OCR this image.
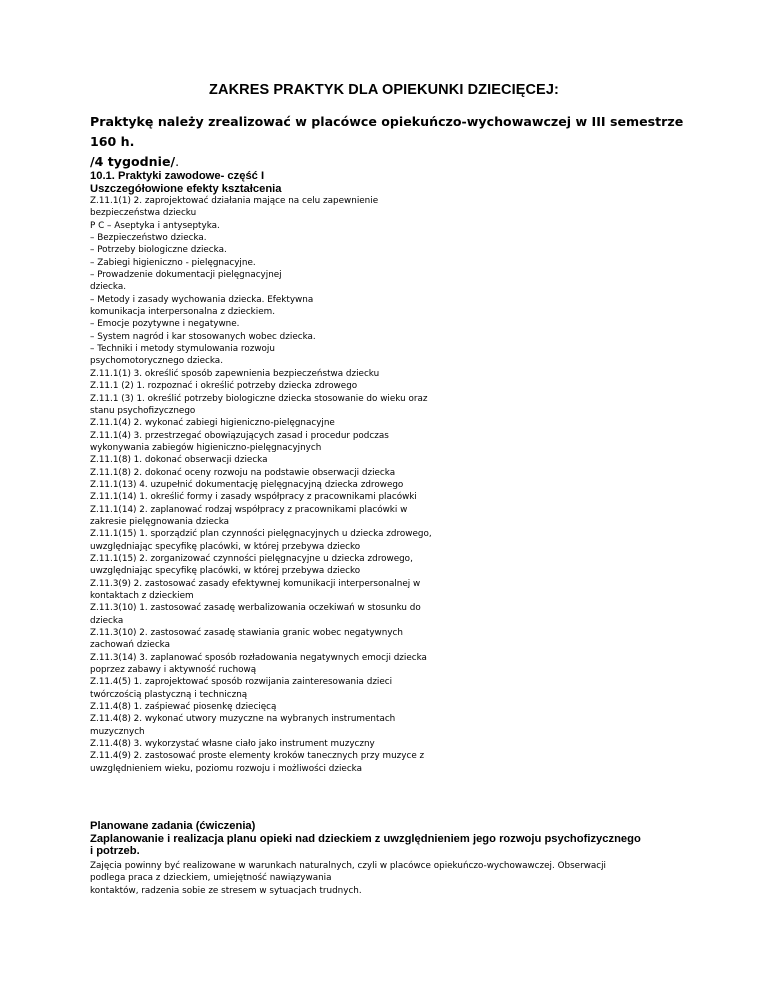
ZAKRES PRAKTYK DLA OPIEKUNKI DZIECIĘCEJ:
Praktykę należy zrealizować w placówce opiekuńczo-wychowawczej w III semestrze 160 h.
/4 tygodnie/.
10.1. Praktyki zawodowe- część I
Uszczegółowione efekty kształcenia
Z.11.1(1) 2. zaprojektować działania mające na celu zapewnienie
bezpieczeństwa dziecku
P C – Aseptyka i antyseptyka.
– Bezpieczeństwo dziecka.
– Potrzeby biologiczne dziecka.
– Zabiegi higieniczno - pielęgnacyjne.
– Prowadzenie dokumentacji pielęgnacyjnej
dziecka.
– Metody i zasady wychowania dziecka. Efektywna
komunikacja interpersonalna z dzieckiem.
– Emocje pozytywne i negatywne.
– System nagród i kar stosowanych wobec dziecka.
– Techniki i metody stymulowania rozwoju
psychomotorycznego dziecka.
Z.11.1(1) 3. określić sposób zapewnienia bezpieczeństwa dziecku
Z.11.1 (2) 1. rozpoznać i określić potrzeby dziecka zdrowego
Z.11.1 (3) 1. określić potrzeby biologiczne dziecka stosowanie do wieku oraz
stanu psychofizycznego
Z.11.1(4) 2. wykonać zabiegi higieniczno-pielęgnacyjne
Z.11.1(4) 3. przestrzegać obowiązujących zasad i procedur podczas
wykonywania zabiegów higieniczno-pielęgnacyjnych
Z.11.1(8) 1. dokonać obserwacji dziecka
Z.11.1(8) 2. dokonać oceny rozwoju na podstawie obserwacji dziecka
Z.11.1(13) 4. uzupełnić dokumentację pielęgnacyjną dziecka zdrowego
Z.11.1(14) 1. określić formy i zasady współpracy z pracownikami placówki
Z.11.1(14) 2. zaplanować rodzaj współpracy z pracownikami placówki w
zakresie pielęgnowania dziecka
Z.11.1(15) 1. sporządzić plan czynności pielęgnacyjnych u dziecka zdrowego,
uwzględniając specyfikę placówki, w której przebywa dziecko
Z.11.1(15) 2. zorganizować czynności pielęgnacyjne u dziecka zdrowego,
uwzględniając specyfikę placówki, w której przebywa dziecko
Z.11.3(9) 2. zastosować zasady efektywnej komunikacji interpersonalnej w
kontaktach z dzieckiem
Z.11.3(10) 1. zastosować zasadę werbalizowania oczekiwań w stosunku do
dziecka
Z.11.3(10) 2. zastosować zasadę stawiania granic wobec negatywnych
zachowań dziecka
Z.11.3(14) 3. zaplanować sposób rozładowania negatywnych emocji dziecka
poprzez zabawy i aktywność ruchową
Z.11.4(5) 1. zaprojektować sposób rozwijania zainteresowania dzieci
twórczością plastyczną i techniczną
Z.11.4(8) 1. zaśpiewać piosenkę dziecięcą
Z.11.4(8) 2. wykonać utwory muzyczne na wybranych instrumentach
muzycznych
Z.11.4(8) 3. wykorzystać własne ciało jako instrument muzyczny
Z.11.4(9) 2. zastosować proste elementy kroków tanecznych przy muzyce z
uwzględnieniem wieku, poziomu rozwoju i możliwości dziecka
Planowane zadania (ćwiczenia)
Zaplanowanie i realizacja planu opieki nad dzieckiem z uwzględnieniem jego rozwoju psychofizycznego
i potrzeb.
Zajęcia powinny być realizowane w warunkach naturalnych, czyli w placówce opiekuńczo-wychowawczej. Obserwacji
podlega praca z dzieckiem, umiejętność nawiązywania
kontaktów, radzenia sobie ze stresem w sytuacjach trudnych.
